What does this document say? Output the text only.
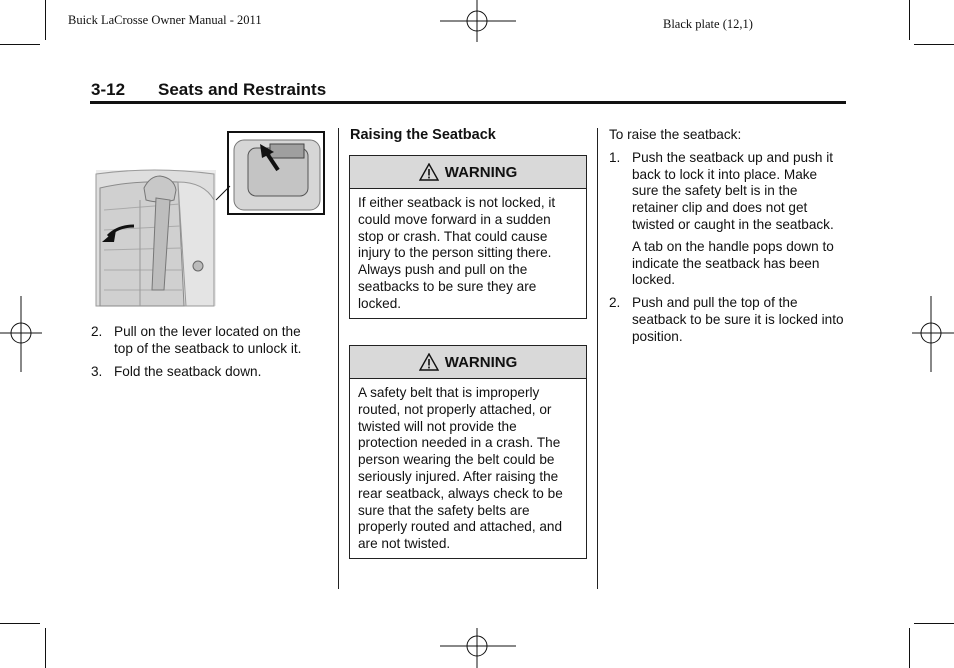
Buick LaCrosse Owner Manual - 2011	Black plate (12,1)
3-12 Seats and Restraints
2. Pull on the lever located on the top of the seatback to unlock it.

3. Fold the seatback down.

Raising the Seatback
WARNING
If either seatback is not locked, it could move forward in a sudden stop or crash. That could cause injury to the person sitting there. Always push and pull on the seatbacks to be sure they are locked.
WARNING
A safety belt that is improperly routed, not properly attached, or twisted will not provide the protection needed in a crash. The person wearing the belt could be seriously injured. After raising the rear seatback, always check to be sure that the safety belts are properly routed and attached, and are not twisted.

To raise the seatback:

1. Push the seatback up and push it back to lock it into place. Make sure the safety belt is in the retainer clip and does not get twisted or caught in the seatback.

A tab on the handle pops down to indicate the seatback has been locked.

2. Push and pull the top of the seatback to be sure it is locked into position.
